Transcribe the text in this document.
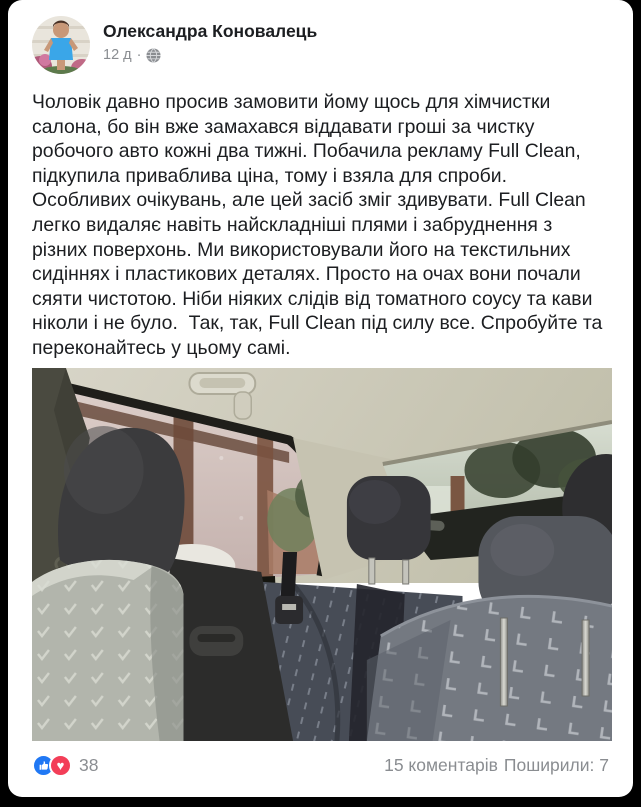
Олександра Коновалець
12 д ·
Чоловік давно просив замовити йому щось для хімчистки салона, бо він вже замахався віддавати гроші за чистку робочого авто кожні два тижні. Побачила рекламу Full Clean, підкупила приваблива ціна, тому і взяла для спроби. Особливих очікувань, але цей засіб зміг здивувати. Full Clean легко видаляє навіть найскладніші плями і забруднення з різних поверхонь. Ми використовували його на текстильних сидіннях і пластикових деталях. Просто на очах вони почали сяяти чистотою. Ніби ніяких слідів від томатного соусу та кави ніколи і не було.  Так, так, Full Clean під силу все. Спробуйте та переконайтесь у цьому самі.
♥ 38	15 коментарів Поширили: 7
